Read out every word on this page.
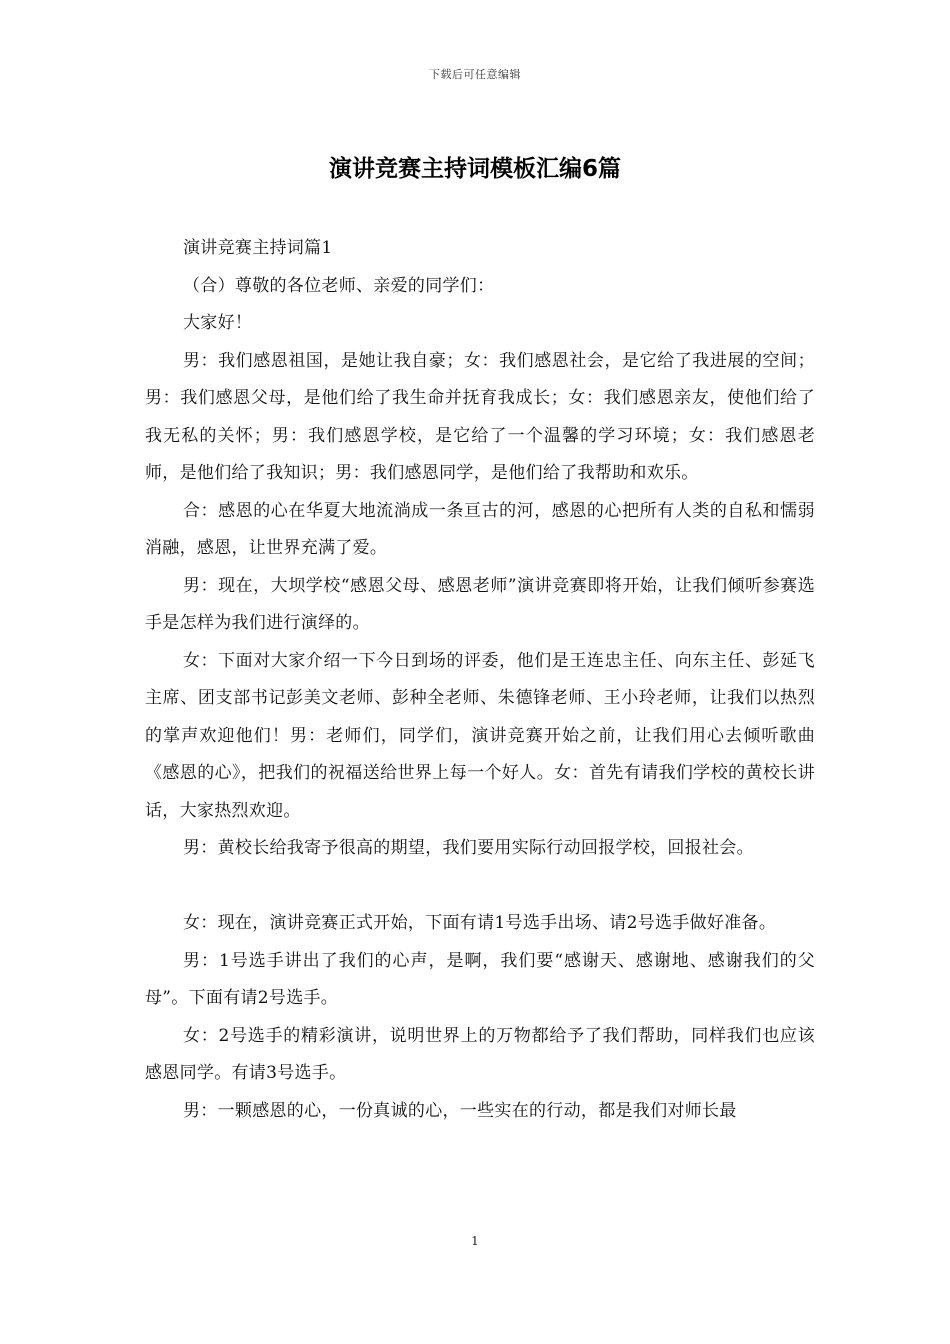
下载后可任意编辑
演讲竞赛主持词模板汇编6篇

演讲竞赛主持词篇1

（合）尊敬的各位老师、亲爱的同学们：

大家好！

男：我们感恩祖国，是她让我自豪；女：我们感恩社会，是它给了我进展的空间；男：我们感恩父母，是他们给了我生命并抚育我成长；女：我们感恩亲友，使他们给了我无私的关怀；男：我们感恩学校，是它给了一个温馨的学习环境；女：我们感恩老师，是他们给了我知识；男：我们感恩同学，是他们给了我帮助和欢乐。

合：感恩的心在华夏大地流淌成一条亘古的河，感恩的心把所有人类的自私和懦弱消融，感恩，让世界充满了爱。

男：现在，大坝学校“感恩父母、感恩老师”演讲竞赛即将开始，让我们倾听参赛选手是怎样为我们进行演绎的。

女：下面对大家介绍一下今日到场的评委，他们是王连忠主任、向东主任、彭延飞主席、团支部书记彭美文老师、彭种全老师、朱德锋老师、王小玲老师，让我们以热烈的掌声欢迎他们！男：老师们，同学们，演讲竞赛开始之前，让我们用心去倾听歌曲《感恩的心》，把我们的祝福送给世界上每一个好人。女：首先有请我们学校的黄校长讲话，大家热烈欢迎。

男：黄校长给我寄予很高的期望，我们要用实际行动回报学校，回报社会。

女：现在，演讲竞赛正式开始，下面有请1号选手出场、请2号选手做好准备。

男：1号选手讲出了我们的心声，是啊，我们要“感谢天、感谢地、感谢我们的父母”。下面有请2号选手。

女：2号选手的精彩演讲，说明世界上的万物都给予了我们帮助，同样我们也应该感恩同学。有请3号选手。

男：一颗感恩的心，一份真诚的心，一些实在的行动，都是我们对师长最

1
